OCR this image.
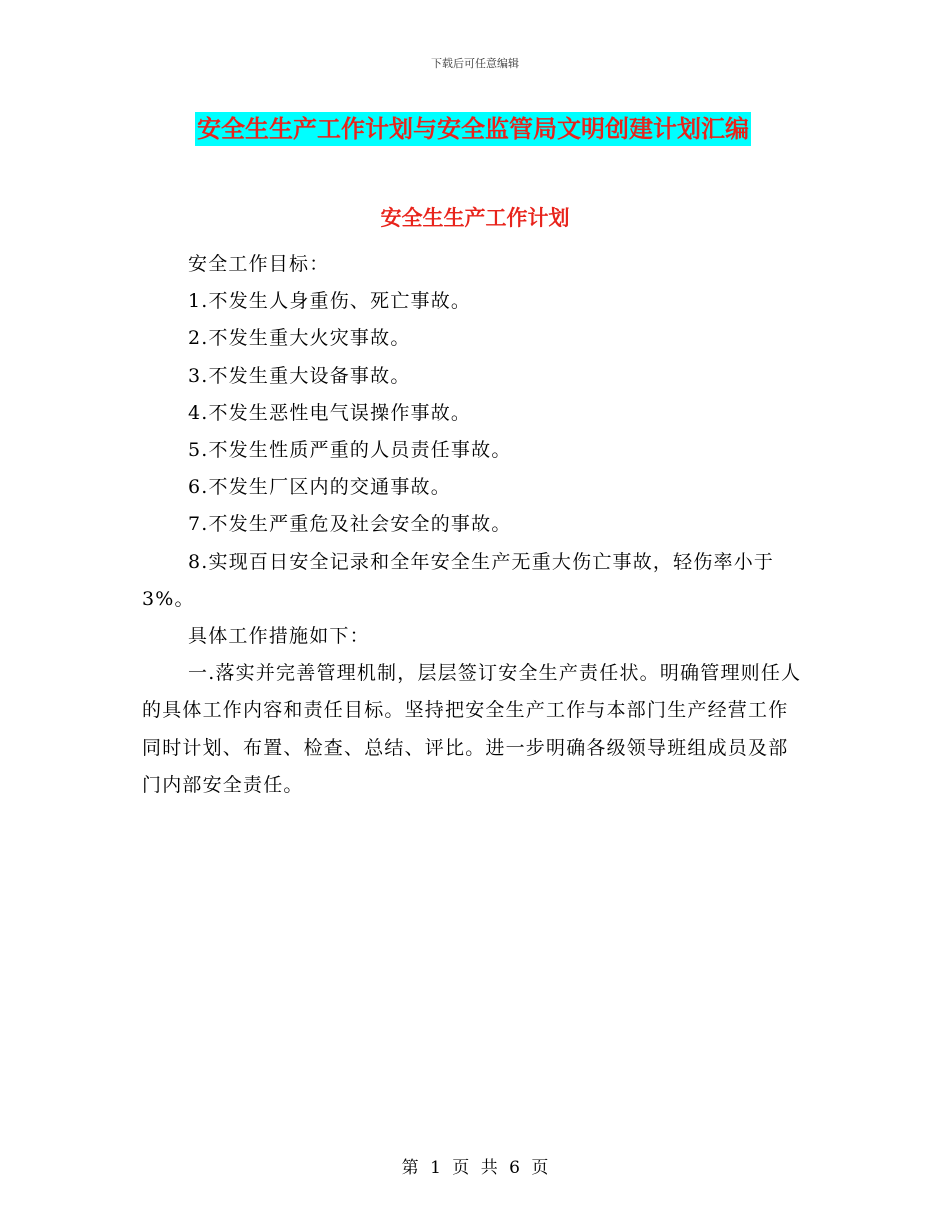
下载后可任意编辑
安全生生产工作计划与安全监管局文明创建计划汇编
安全生生产工作计划

安全工作目标：

1.不发生人身重伤、死亡事故。

2.不发生重大火灾事故。

3.不发生重大设备事故。

4.不发生恶性电气误操作事故。

5.不发生性质严重的人员责任事故。

6.不发生厂区内的交通事故。

7.不发生严重危及社会安全的事故。

8.实现百日安全记录和全年安全生产无重大伤亡事故，轻伤率小于3%。

具体工作措施如下：

一.落实并完善管理机制，层层签订安全生产责任状。明确管理则任人的具体工作内容和责任目标。坚持把安全生产工作与本部门生产经营工作同时计划、布置、检查、总结、评比。进一步明确各级领导班组成员及部门内部安全责任。

第 1 页 共 6 页
